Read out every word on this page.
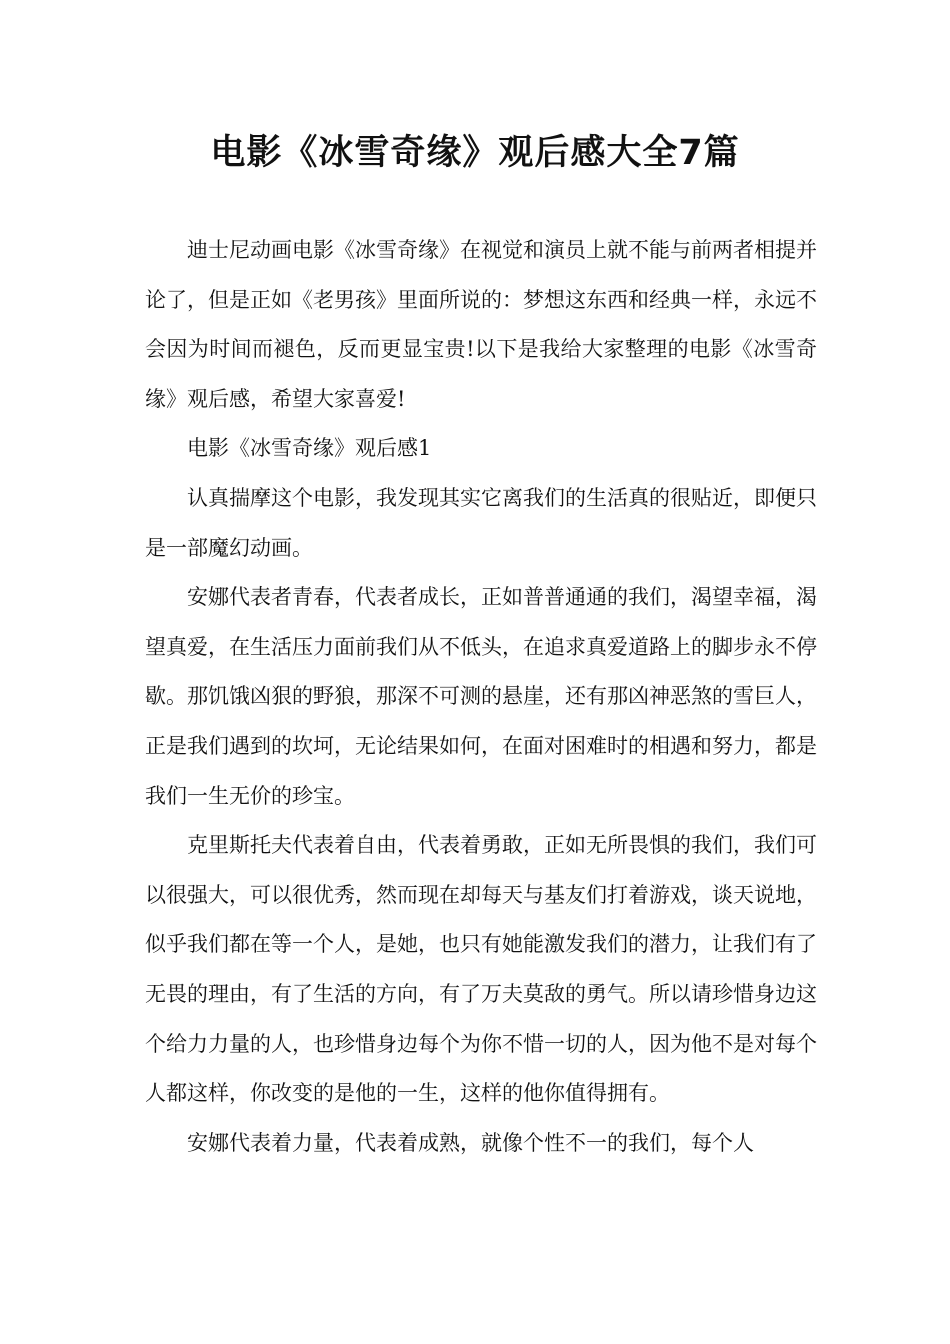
电影《冰雪奇缘》观后感大全7篇

迪士尼动画电影《冰雪奇缘》在视觉和演员上就不能与前两者相提并论了，但是正如《老男孩》里面所说的：梦想这东西和经典一样，永远不会因为时间而褪色，反而更显宝贵!以下是我给大家整理的电影《冰雪奇缘》观后感，希望大家喜爱!

电影《冰雪奇缘》观后感1

认真揣摩这个电影，我发现其实它离我们的生活真的很贴近，即便只是一部魔幻动画。

安娜代表者青春，代表者成长，正如普普通通的我们，渴望幸福，渴望真爱，在生活压力面前我们从不低头，在追求真爱道路上的脚步永不停歇。那饥饿凶狠的野狼，那深不可测的悬崖，还有那凶神恶煞的雪巨人，正是我们遇到的坎坷，无论结果如何，在面对困难时的相遇和努力，都是我们一生无价的珍宝。

克里斯托夫代表着自由，代表着勇敢，正如无所畏惧的我们，我们可以很强大，可以很优秀，然而现在却每天与基友们打着游戏，谈天说地，似乎我们都在等一个人，是她，也只有她能激发我们的潜力，让我们有了无畏的理由，有了生活的方向，有了万夫莫敌的勇气。所以请珍惜身边这个给力力量的人，也珍惜身边每个为你不惜一切的人，因为他不是对每个人都这样，你改变的是他的一生，这样的他你值得拥有。

安娜代表着力量，代表着成熟，就像个性不一的我们，每个人
